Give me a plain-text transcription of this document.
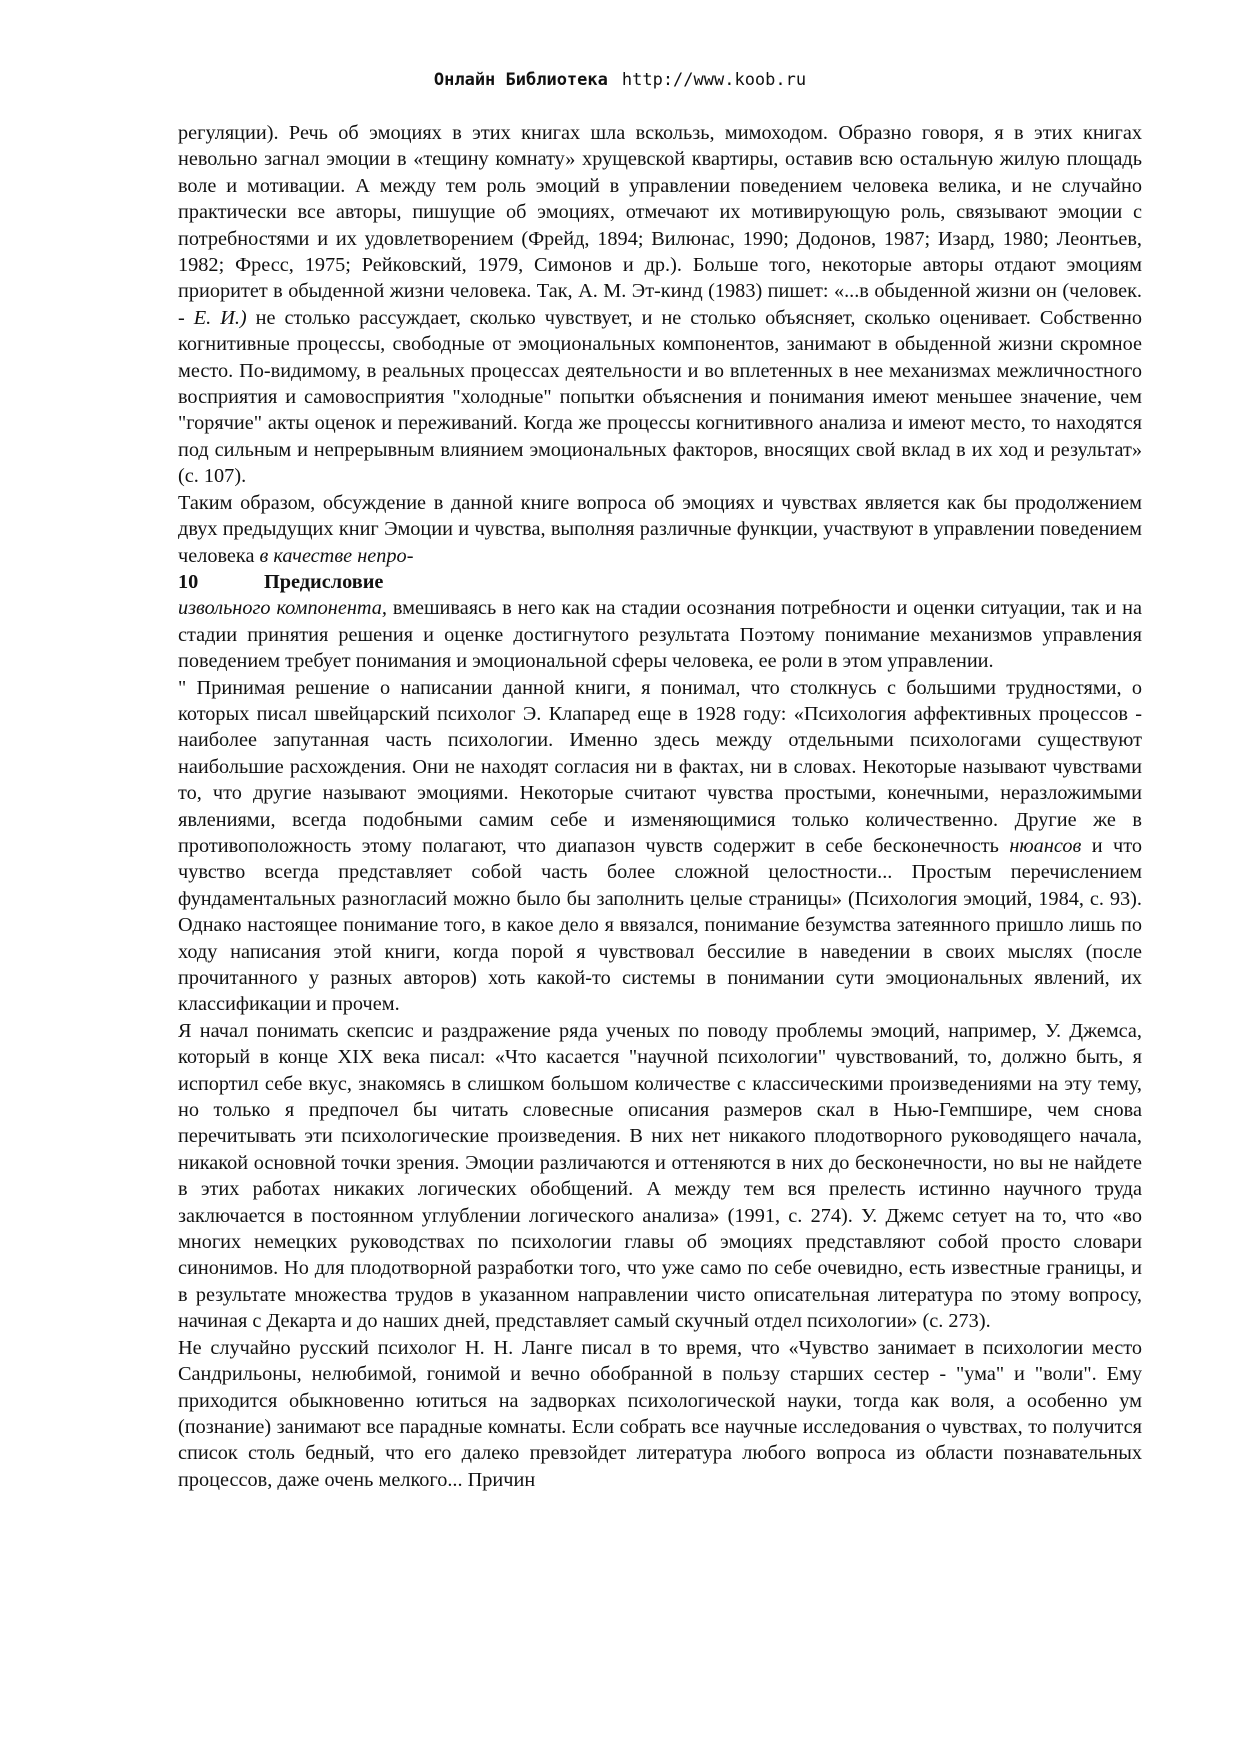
Онлайн Библиотека http://www.koob.ru

регуляции). Речь об эмоциях в этих книгах шла вскользь, мимоходом. Образно говоря, я в этих книгах невольно загнал эмоции в «тещину комнату» хрущевской квартиры, оставив всю остальную жилую площадь воле и мотивации. А между тем роль эмоций в управлении поведением человека велика, и не случайно практически все авторы, пишущие об эмоциях, отмечают их мотивирующую роль, связывают эмоции с потребностями и их удовлетворением (Фрейд, 1894; Вилюнас, 1990; Додонов, 1987; Изард, 1980; Леонтьев, 1982; Фресс, 1975; Рейковский, 1979, Симонов и др.). Больше того, некоторые авторы отдают эмоциям приоритет в обыденной жизни человека. Так, А. М. Эт-кинд (1983) пишет: «...в обыденной жизни он (человек. - Е. И.) не столько рассуждает, сколько чувствует, и не столько объясняет, сколько оценивает. Собственно когнитивные процессы, свободные от эмоциональных компонентов, занимают в обыденной жизни скромное место. По-видимому, в реальных процессах деятельности и во вплетенных в нее механизмах межличностного восприятия и самовосприятия "холодные" попытки объяснения и понимания имеют меньшее значение, чем "горячие" акты оценок и переживаний. Когда же процессы когнитивного анализа и имеют место, то находятся под сильным и непрерывным влиянием эмоциональных факторов, вносящих свой вклад в их ход и результат» (с. 107).

Таким образом, обсуждение в данной книге вопроса об эмоциях и чувствах является как бы продолжением двух предыдущих книг Эмоции и чувства, выполняя различные функции, участвуют в управлении поведением человека в качестве непро-

10	Предисловие

извольного компонента, вмешиваясь в него как на стадии осознания потребности и оценки ситуации, так и на стадии принятия решения и оценке достигнутого результата Поэтому понимание механизмов управления поведением требует понимания и эмоциональной сферы человека, ее роли в этом управлении.

" Принимая решение о написании данной книги, я понимал, что столкнусь с большими трудностями, о которых писал швейцарский психолог Э. Клапаред еще в 1928 году: «Психология аффективных процессов - наиболее запутанная часть психологии. Именно здесь между отдельными психологами существуют наибольшие расхождения. Они не находят согласия ни в фактах, ни в словах. Некоторые называют чувствами то, что другие называют эмоциями. Некоторые считают чувства простыми, конечными, неразложимыми явлениями, всегда подобными самим себе и изменяющимися только количественно. Другие же в противоположность этому полагают, что диапазон чувств содержит в себе бесконечность нюансов и что чувство всегда представляет собой часть более сложной целостности... Простым перечислением фундаментальных разногласий можно было бы заполнить целые страницы» (Психология эмоций, 1984, с. 93). Однако настоящее понимание того, в какое дело я ввязался, понимание безумства затеянного пришло лишь по ходу написания этой книги, когда порой я чувствовал бессилие в наведении в своих мыслях (после прочитанного у разных авторов) хоть какой-то системы в понимании сути эмоциональных явлений, их классификации и прочем.

Я начал понимать скепсис и раздражение ряда ученых по поводу проблемы эмоций, например, У. Джемса, который в конце XIX века писал: «Что касается "научной психологии" чувствований, то, должно быть, я испортил себе вкус, знакомясь в слишком большом количестве с классическими произведениями на эту тему, но только я предпочел бы читать словесные описания размеров скал в Нью-Гемпшире, чем снова перечитывать эти психологические произведения. В них нет никакого плодотворного руководящего начала, никакой основной точки зрения. Эмоции различаются и оттеняются в них до бесконечности, но вы не найдете в этих работах никаких логических обобщений. А между тем вся прелесть истинно научного труда заключается в постоянном углублении логического анализа» (1991, с. 274). У. Джемс сетует на то, что «во многих немецких руководствах по психологии главы об эмоциях представляют собой просто словари синонимов. Но для плодотворной разработки того, что уже само по себе очевидно, есть известные границы, и в результате множества трудов в указанном направлении чисто описательная литература по этому вопросу, начиная с Декарта и до наших дней, представляет самый скучный отдел психологии» (с. 273).

Не случайно русский психолог Н. Н. Ланге писал в то время, что «Чувство занимает в психологии место Сандрильоны, нелюбимой, гонимой и вечно обобранной в пользу старших сестер - "ума" и "воли". Ему приходится обыкновенно ютиться на задворках психологической науки, тогда как воля, а особенно ум (познание) занимают все парадные комнаты. Если собрать все научные исследования о чувствах, то получится список столь бедный, что его далеко превзойдет литература любого вопроса из области познавательных процессов, даже очень мелкого... Причин
